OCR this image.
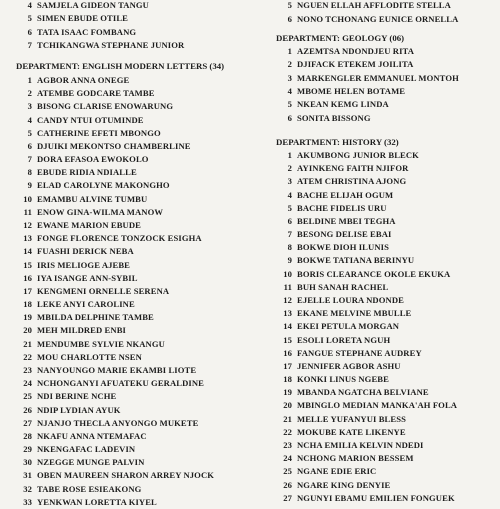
4 SAMJELA GIDEON TANGU
5 SIMEN EBUDE OTILE
6 TATA ISAAC FOMBANG
7 TCHIKANGWA STEPHANE JUNIOR
DEPARTMENT: ENGLISH MODERN LETTERS (34)
1 AGBOR ANNA ONEGE
2 ATEMBE GODCARE TAMBE
3 BISONG CLARISE ENOWARUNG
4 CANDY NTUI OTUMINDE
5 CATHERINE EFETI MBONGO
6 DJUIKI MEKONTSO CHAMBERLINE
7 DORA EFASOA EWOKOLO
8 EBUDE RIDIA NDIALLE
9 ELAD CAROLYNE MAKONGHO
10 EMAMBU ALVINE TUMBU
11 ENOW GINA-WILMA MANOW
12 EWANE MARION EBUDE
13 FONGE FLORENCE TONZOCK ESIGHA
14 FUASHI DERICK NEBA
15 IRIS MELIOGE AJEBE
16 IYA ISANGE ANN-SYBIL
17 KENGMENI ORNELLE SERENA
18 LEKE ANYI CAROLINE
19 MBILDA DELPHINE TAMBE
20 MEH MILDRED ENBI
21 MENDUMBE SYLVIE NKANGU
22 MOU CHARLOTTE NSEN
23 NANYOUNGO MARIE EKAMBI LIOTE
24 NCHONGANYI AFUATEKU GERALDINE
25 NDI BERINE NCHE
26 NDIP LYDIAN AYUK
27 NJANJO THECLA ANYONGO MUKETE
28 NKAFU ANNA NTEMAFAC
29 NKENGAFAC LADEVIN
30 NZEGGE MUNGE PALVIN
31 OBEN MAUREEN SHARON ARREY NJOCK
32 TABE ROSE ESIEAKONG
33 YENKWAN LORETTA KIYEL
5 NGUEN ELLAH AFFLODITE STELLA
6 NONO TCHONANG EUNICE ORNELLA
DEPARTMENT: GEOLOGY (06)
1 AZEMTSA NDONDJEU RITA
2 DJIFACK ETEKEM JOILITA
3 MARKENGLER EMMANUEL MONTOH
4 MBOME HELEN BOTAME
5 NKEAN KEMG LINDA
6 SONITA BISSONG
DEPARTMENT: HISTORY (32)
1 AKUMBONG JUNIOR BLECK
2 AYINKENG FAITH NJIFOR
3 ATEM CHRISTINA AJONG
4 BACHE ELIJAH OGUM
5 BACHE FIDELIS URU
6 BELDINE MBEI TEGHA
7 BESONG DELISE EBAI
8 BOKWE DIOH ILUNIS
9 BOKWE TATIANA BERINYU
10 BORIS CLEARANCE OKOLE EKUKA
11 BUH SANAH RACHEL
12 EJELLE LOURA NDONDE
13 EKANE MELVINE MBULLE
14 EKEI PETULA MORGAN
15 ESOLI LORETA NGUH
16 FANGUE STEPHANE AUDREY
17 JENNIFER AGBOR ASHU
18 KONKI LINUS NGEBE
19 MBANDA NGATCHA BELVIANE
20 MBINGLO MEDIAN MANKA'AH FOLA
21 MELLE YUFANYUI BLESS
22 MOKUBE KATE LIKENYE
23 NCHA EMILIA KELVIN NDEDI
24 NCHONG MARION BESSEM
25 NGANE EDIE ERIC
26 NGARE KING DENYIE
27 NGUNYI EBAMU EMILIEN FONGUEK
